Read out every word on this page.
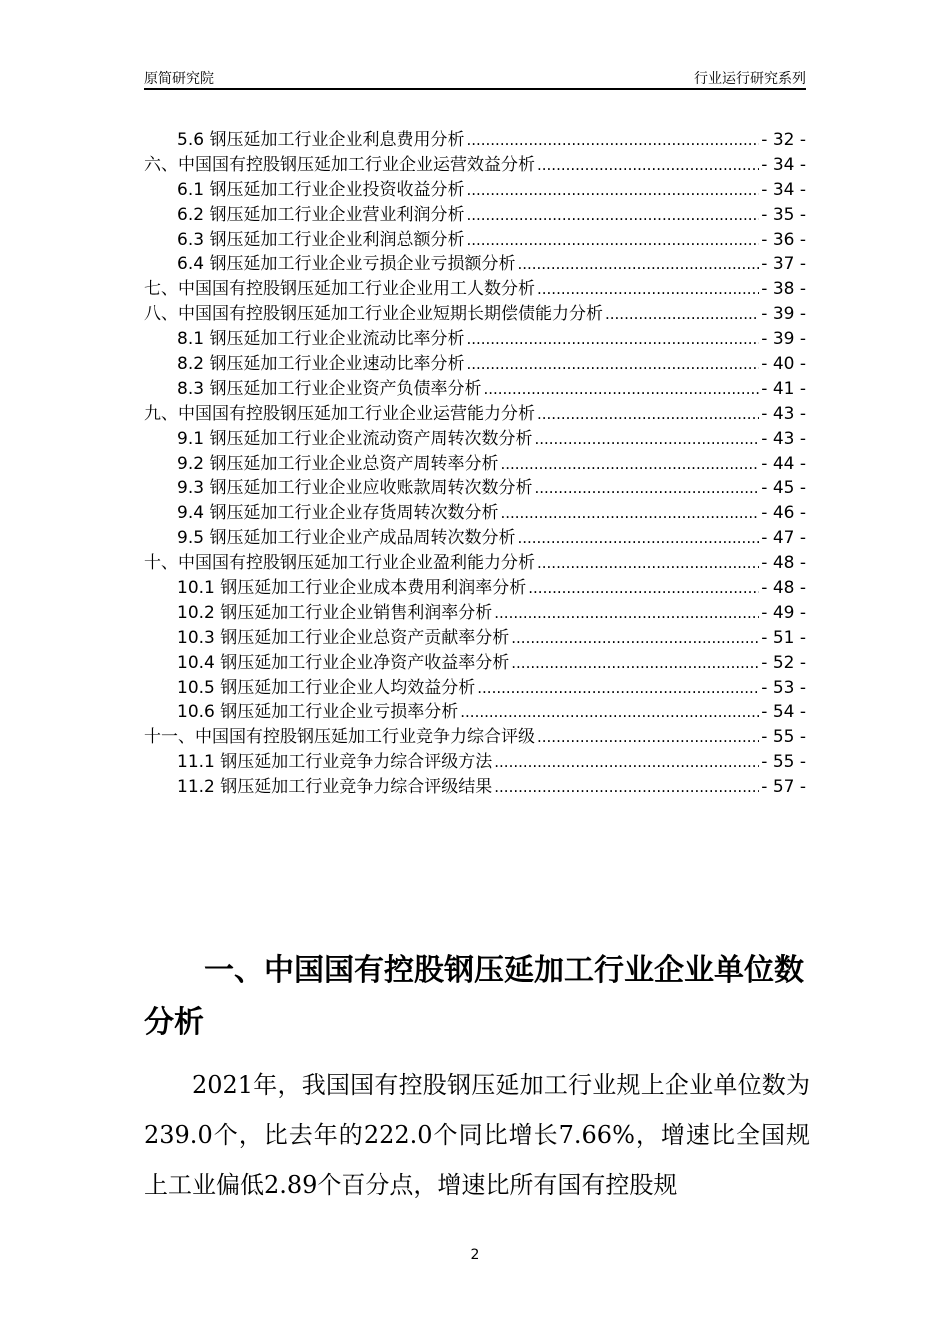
原简研究院	行业运行研究系列
5.6 钢压延加工行业企业利息费用分析 .....	- 32 -
六、中国国有控股钢压延加工行业企业运营效益分析 .....	- 34 -
6.1 钢压延加工行业企业投资收益分析 .....	- 34 -
6.2 钢压延加工行业企业营业利润分析 .....	- 35 -
6.3 钢压延加工行业企业利润总额分析 .....	- 36 -
6.4 钢压延加工行业企业亏损企业亏损额分析 .....	- 37 -
七、中国国有控股钢压延加工行业企业用工人数分析 .....	- 38 -
八、中国国有控股钢压延加工行业企业短期长期偿债能力分析 .....	- 39 -
8.1 钢压延加工行业企业流动比率分析 .....	- 39 -
8.2 钢压延加工行业企业速动比率分析 .....	- 40 -
8.3 钢压延加工行业企业资产负债率分析 .....	- 41 -
九、中国国有控股钢压延加工行业企业运营能力分析 .....	- 43 -
9.1 钢压延加工行业企业流动资产周转次数分析 .....	- 43 -
9.2 钢压延加工行业企业总资产周转率分析 .....	- 44 -
9.3 钢压延加工行业企业应收账款周转次数分析 .....	- 45 -
9.4 钢压延加工行业企业存货周转次数分析 .....	- 46 -
9.5 钢压延加工行业企业产成品周转次数分析 .....	- 47 -
十、中国国有控股钢压延加工行业企业盈利能力分析 .....	- 48 -
10.1 钢压延加工行业企业成本费用利润率分析 .....	- 48 -
10.2 钢压延加工行业企业销售利润率分析 .....	- 49 -
10.3 钢压延加工行业企业总资产贡献率分析 .....	- 51 -
10.4 钢压延加工行业企业净资产收益率分析 .....	- 52 -
10.5 钢压延加工行业企业人均效益分析 .....	- 53 -
10.6 钢压延加工行业企业亏损率分析 .....	- 54 -
十一、中国国有控股钢压延加工行业竞争力综合评级 .....	- 55 -
11.1 钢压延加工行业竞争力综合评级方法 .....	- 55 -
11.2 钢压延加工行业竞争力综合评级结果 .....	- 57 -
一、中国国有控股钢压延加工行业企业单位数分析
2021年，我国国有控股钢压延加工行业规上企业单位数为239.0个，比去年的222.0个同比增长7.66%，增速比全国规上工业偏低2.89个百分点，增速比所有国有控股规
2
